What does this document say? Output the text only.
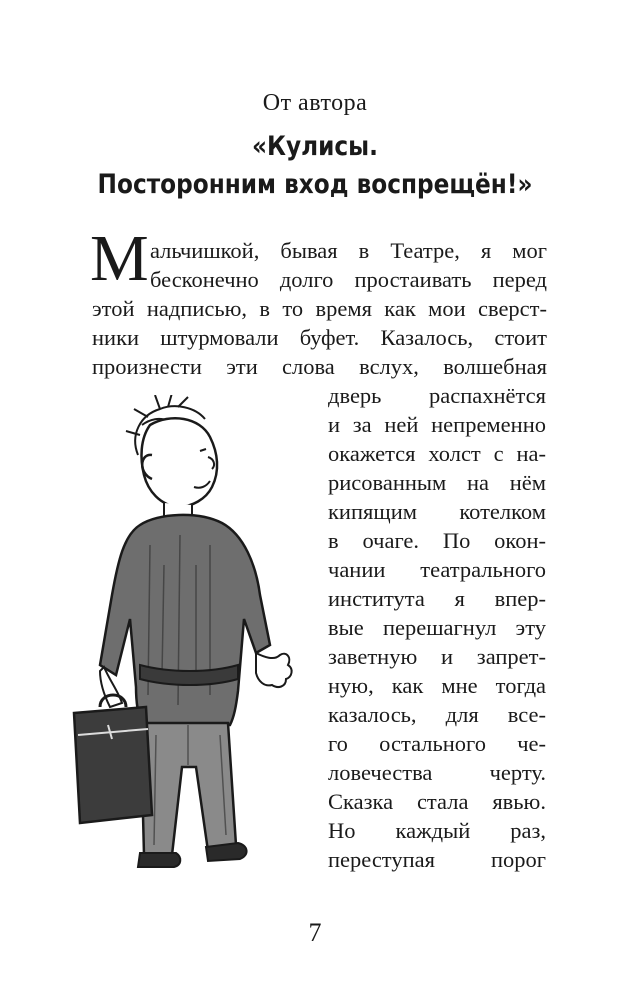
От автора
«Кулисы.
Посторонним вход воспрещён!»
М альчишкой, бывая в Театре, я мог
бесконечно долго простаивать перед
этой надписью, в то время как мои сверст-
ники штурмовали буфет. Казалось, стоит
произнести эти слова вслух, волшебная
дверь распахнётся
и за ней непременно
окажется холст с на-
рисованным на нём
кипящим котелком
в очаге. По окон-
чании театрального
института я впер-
вые перешагнул эту
заветную и запрет-
ную, как мне тогда
казалось, для все-
го остального че-
ловечества черту.
Сказка стала явью.
Но каждый раз,
переступая порог
7
